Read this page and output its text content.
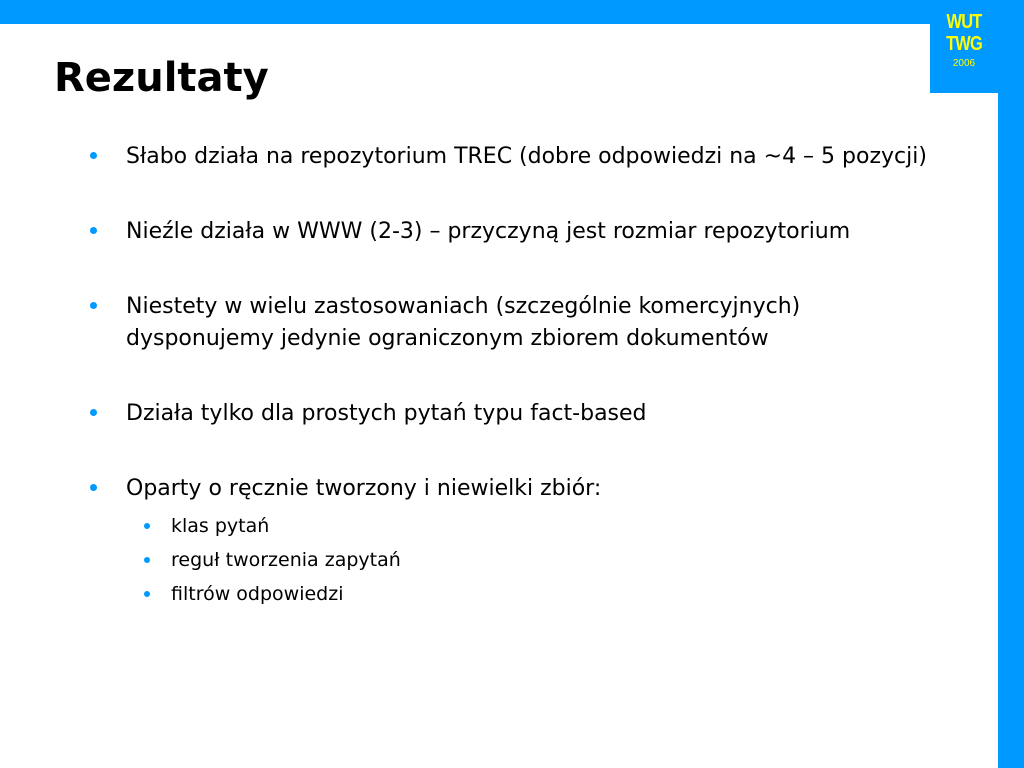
WUT
TWG
2006
Rezultaty
Słabo działa na repozytorium TREC (dobre odpowiedzi na ~4 – 5 pozycji)
Nieźle działa w WWW (2-3) – przyczyną jest rozmiar repozytorium
Niestety w wielu zastosowaniach (szczególnie komercyjnych) dysponujemy jedynie ograniczonym zbiorem dokumentów
Działa tylko dla prostych pytań typu fact-based
Oparty o ręcznie tworzony i niewielki zbiór:
klas pytań
reguł tworzenia zapytań
filtrów odpowiedzi
